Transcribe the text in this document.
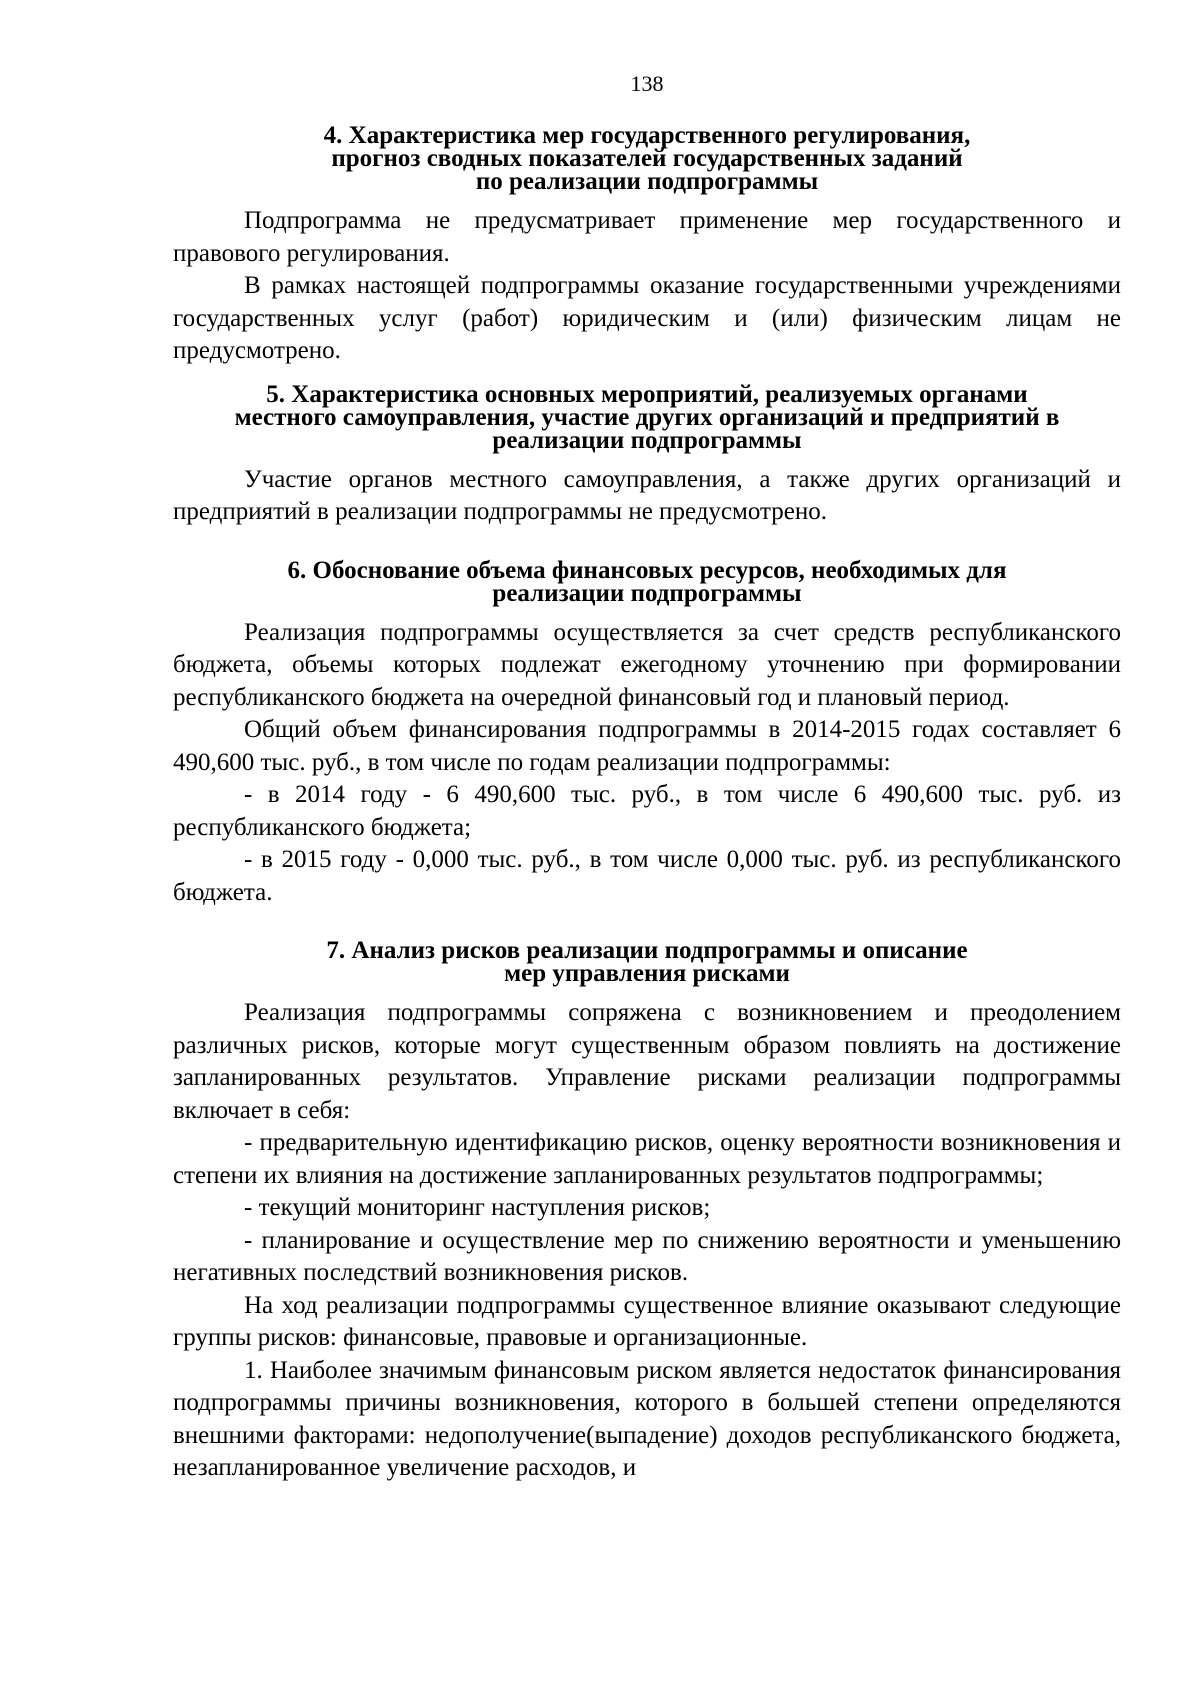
138
4. Характеристика мер государственного регулирования,
прогноз сводных показателей государственных заданий
по реализации подпрограммы

Подпрограмма не предусматривает применение мер государственного и правового регулирования.

В рамках настоящей подпрограммы оказание государственными учреждениями государственных услуг (работ) юридическим и (или) физическим лицам не предусмотрено.

5. Характеристика основных мероприятий, реализуемых органами
местного самоуправления, участие других организаций и предприятий в
реализации подпрограммы

Участие органов местного самоуправления, а также других организаций и предприятий в реализации подпрограммы не предусмотрено.

6. Обоснование объема финансовых ресурсов, необходимых для
реализации подпрограммы

Реализация подпрограммы осуществляется за счет средств республиканского бюджета, объемы которых подлежат ежегодному уточнению при формировании республиканского бюджета на очередной финансовый год и плановый период.

Общий объем финансирования подпрограммы в 2014-2015 годах составляет 6 490,600 тыс. руб., в том числе по годам реализации подпрограммы:

- в 2014 году - 6 490,600 тыс. руб., в том числе 6 490,600 тыс. руб. из республиканского бюджета;

- в 2015 году - 0,000 тыс. руб., в том числе 0,000 тыс. руб. из республиканского бюджета.

7. Анализ рисков реализации подпрограммы и описание
мер управления рисками

Реализация подпрограммы сопряжена с возникновением и преодолением различных рисков, которые могут существенным образом повлиять на достижение запланированных результатов. Управление рисками реализации подпрограммы включает в себя:

- предварительную идентификацию рисков, оценку вероятности возникновения и степени их влияния на достижение запланированных результатов подпрограммы;

- текущий мониторинг наступления рисков;

- планирование и осуществление мер по снижению вероятности и уменьшению негативных последствий возникновения рисков.

На ход реализации подпрограммы существенное влияние оказывают следующие группы рисков: финансовые, правовые и организационные.

1. Наиболее значимым финансовым риском является недостаток финансирования подпрограммы причины возникновения, которого в большей степени определяются внешними факторами: недополучение(выпадение) доходов республиканского бюджета, незапланированное увеличение расходов, и
